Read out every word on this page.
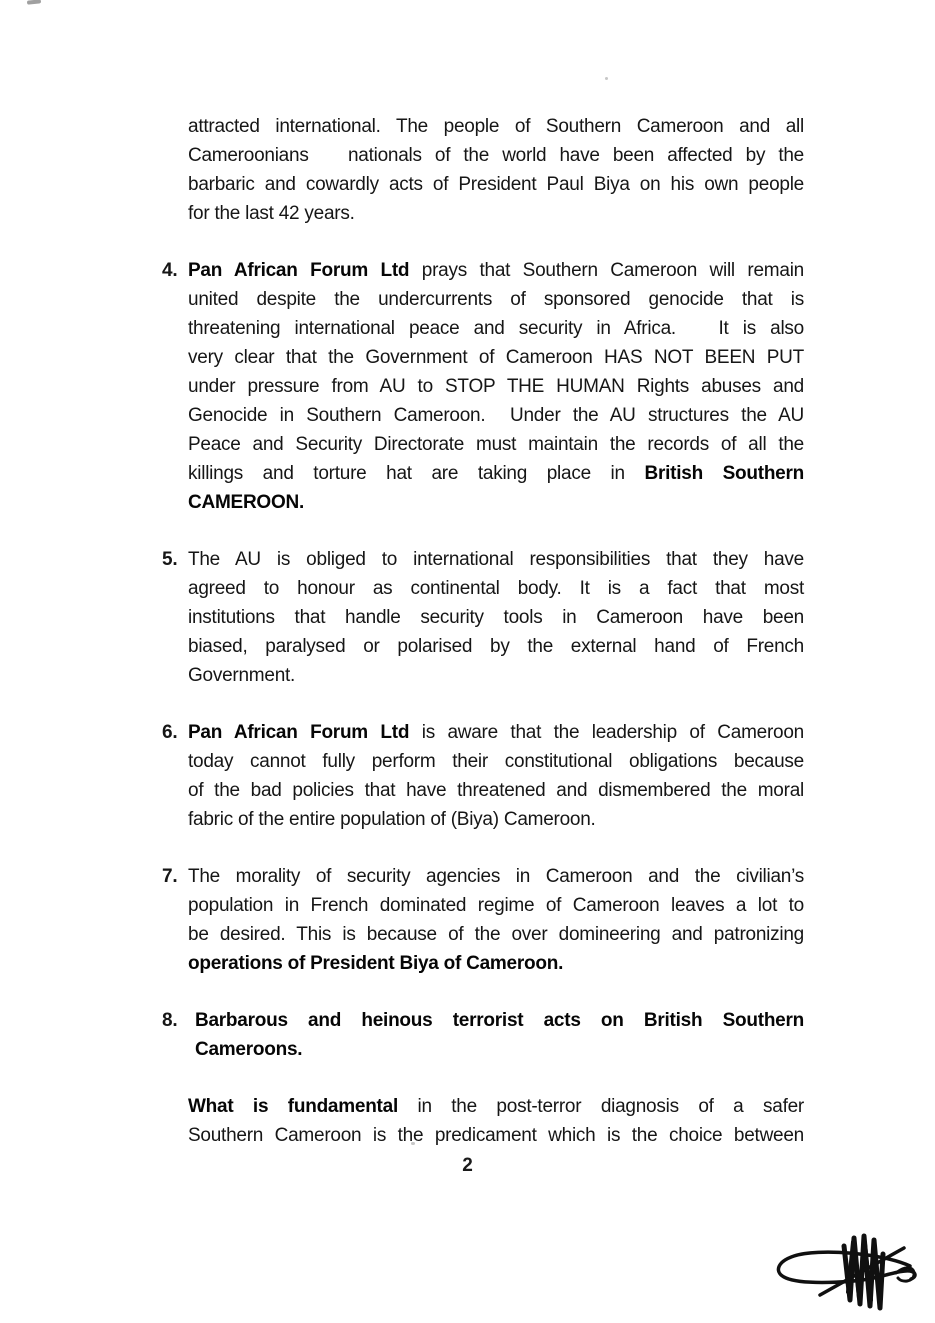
attracted international. The people of Southern Cameroon and all
Cameroonians   nationals of the world have been affected by the
barbaric and cowardly acts of President Paul Biya on his own people
for the last 42 years.
4. Pan African Forum Ltd prays that Southern Cameroon will remain
united despite the undercurrents of sponsored genocide that is
threatening international peace and security in Africa.   It is also
very clear that the Government of Cameroon HAS NOT BEEN PUT
under pressure from AU to STOP THE HUMAN Rights abuses and
Genocide in Southern Cameroon.  Under the AU structures the AU
Peace and Security Directorate must maintain the records of all the
killings and torture hat are taking place in British Southern
CAMEROON.
5. The AU is obliged to international responsibilities that they have
agreed to honour as continental body. It is a fact that most
institutions that handle security tools in Cameroon have been
biased, paralysed or polarised by the external hand of French
Government.
6. Pan African Forum Ltd is aware that the leadership of Cameroon
today cannot fully perform their constitutional obligations because
of the bad policies that have threatened and dismembered the moral
fabric of the entire population of (Biya) Cameroon.
7. The morality of security agencies in Cameroon and the civilian’s
population in French dominated regime of Cameroon leaves a lot to
be desired. This is because of the over domineering and patronizing
operations of President Biya of Cameroon.
8. Barbarous and heinous terrorist acts on British Southern
Cameroons.
What is fundamental in the post-terror diagnosis of a safer
Southern Cameroon is the predicament which is the choice between
2
